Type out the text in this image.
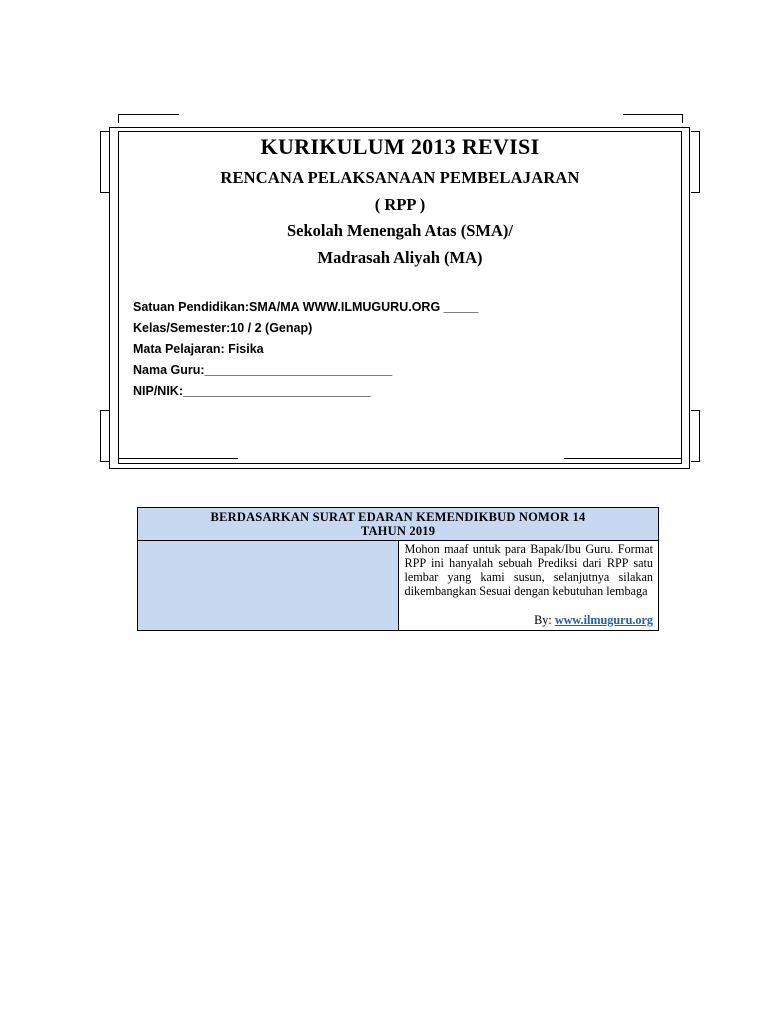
KURIKULUM 2013 REVISI
RENCANA PELAKSANAAN PEMBELAJARAN
( RPP )
Sekolah Menengah Atas (SMA)/
Madrasah Aliyah (MA)
Satuan Pendidikan:SMA/MA WWW.ILMUGURU.ORG _____
Kelas/Semester:10 / 2 (Genap)
Mata Pelajaran: Fisika
Nama Guru:___________________________
NIP/NIK:___________________________
BERDASARKAN SURAT EDARAN KEMENDIKBUD NOMOR 14
TAHUN 2019

Mohon maaf untuk para Bapak/Ibu Guru. Format RPP ini hanyalah sebuah Prediksi dari RPP satu lembar yang kami susun, selanjutnya silakan dikembangkan Sesuai dengan kebutuhan lembaga

By: www.ilmuguru.org
